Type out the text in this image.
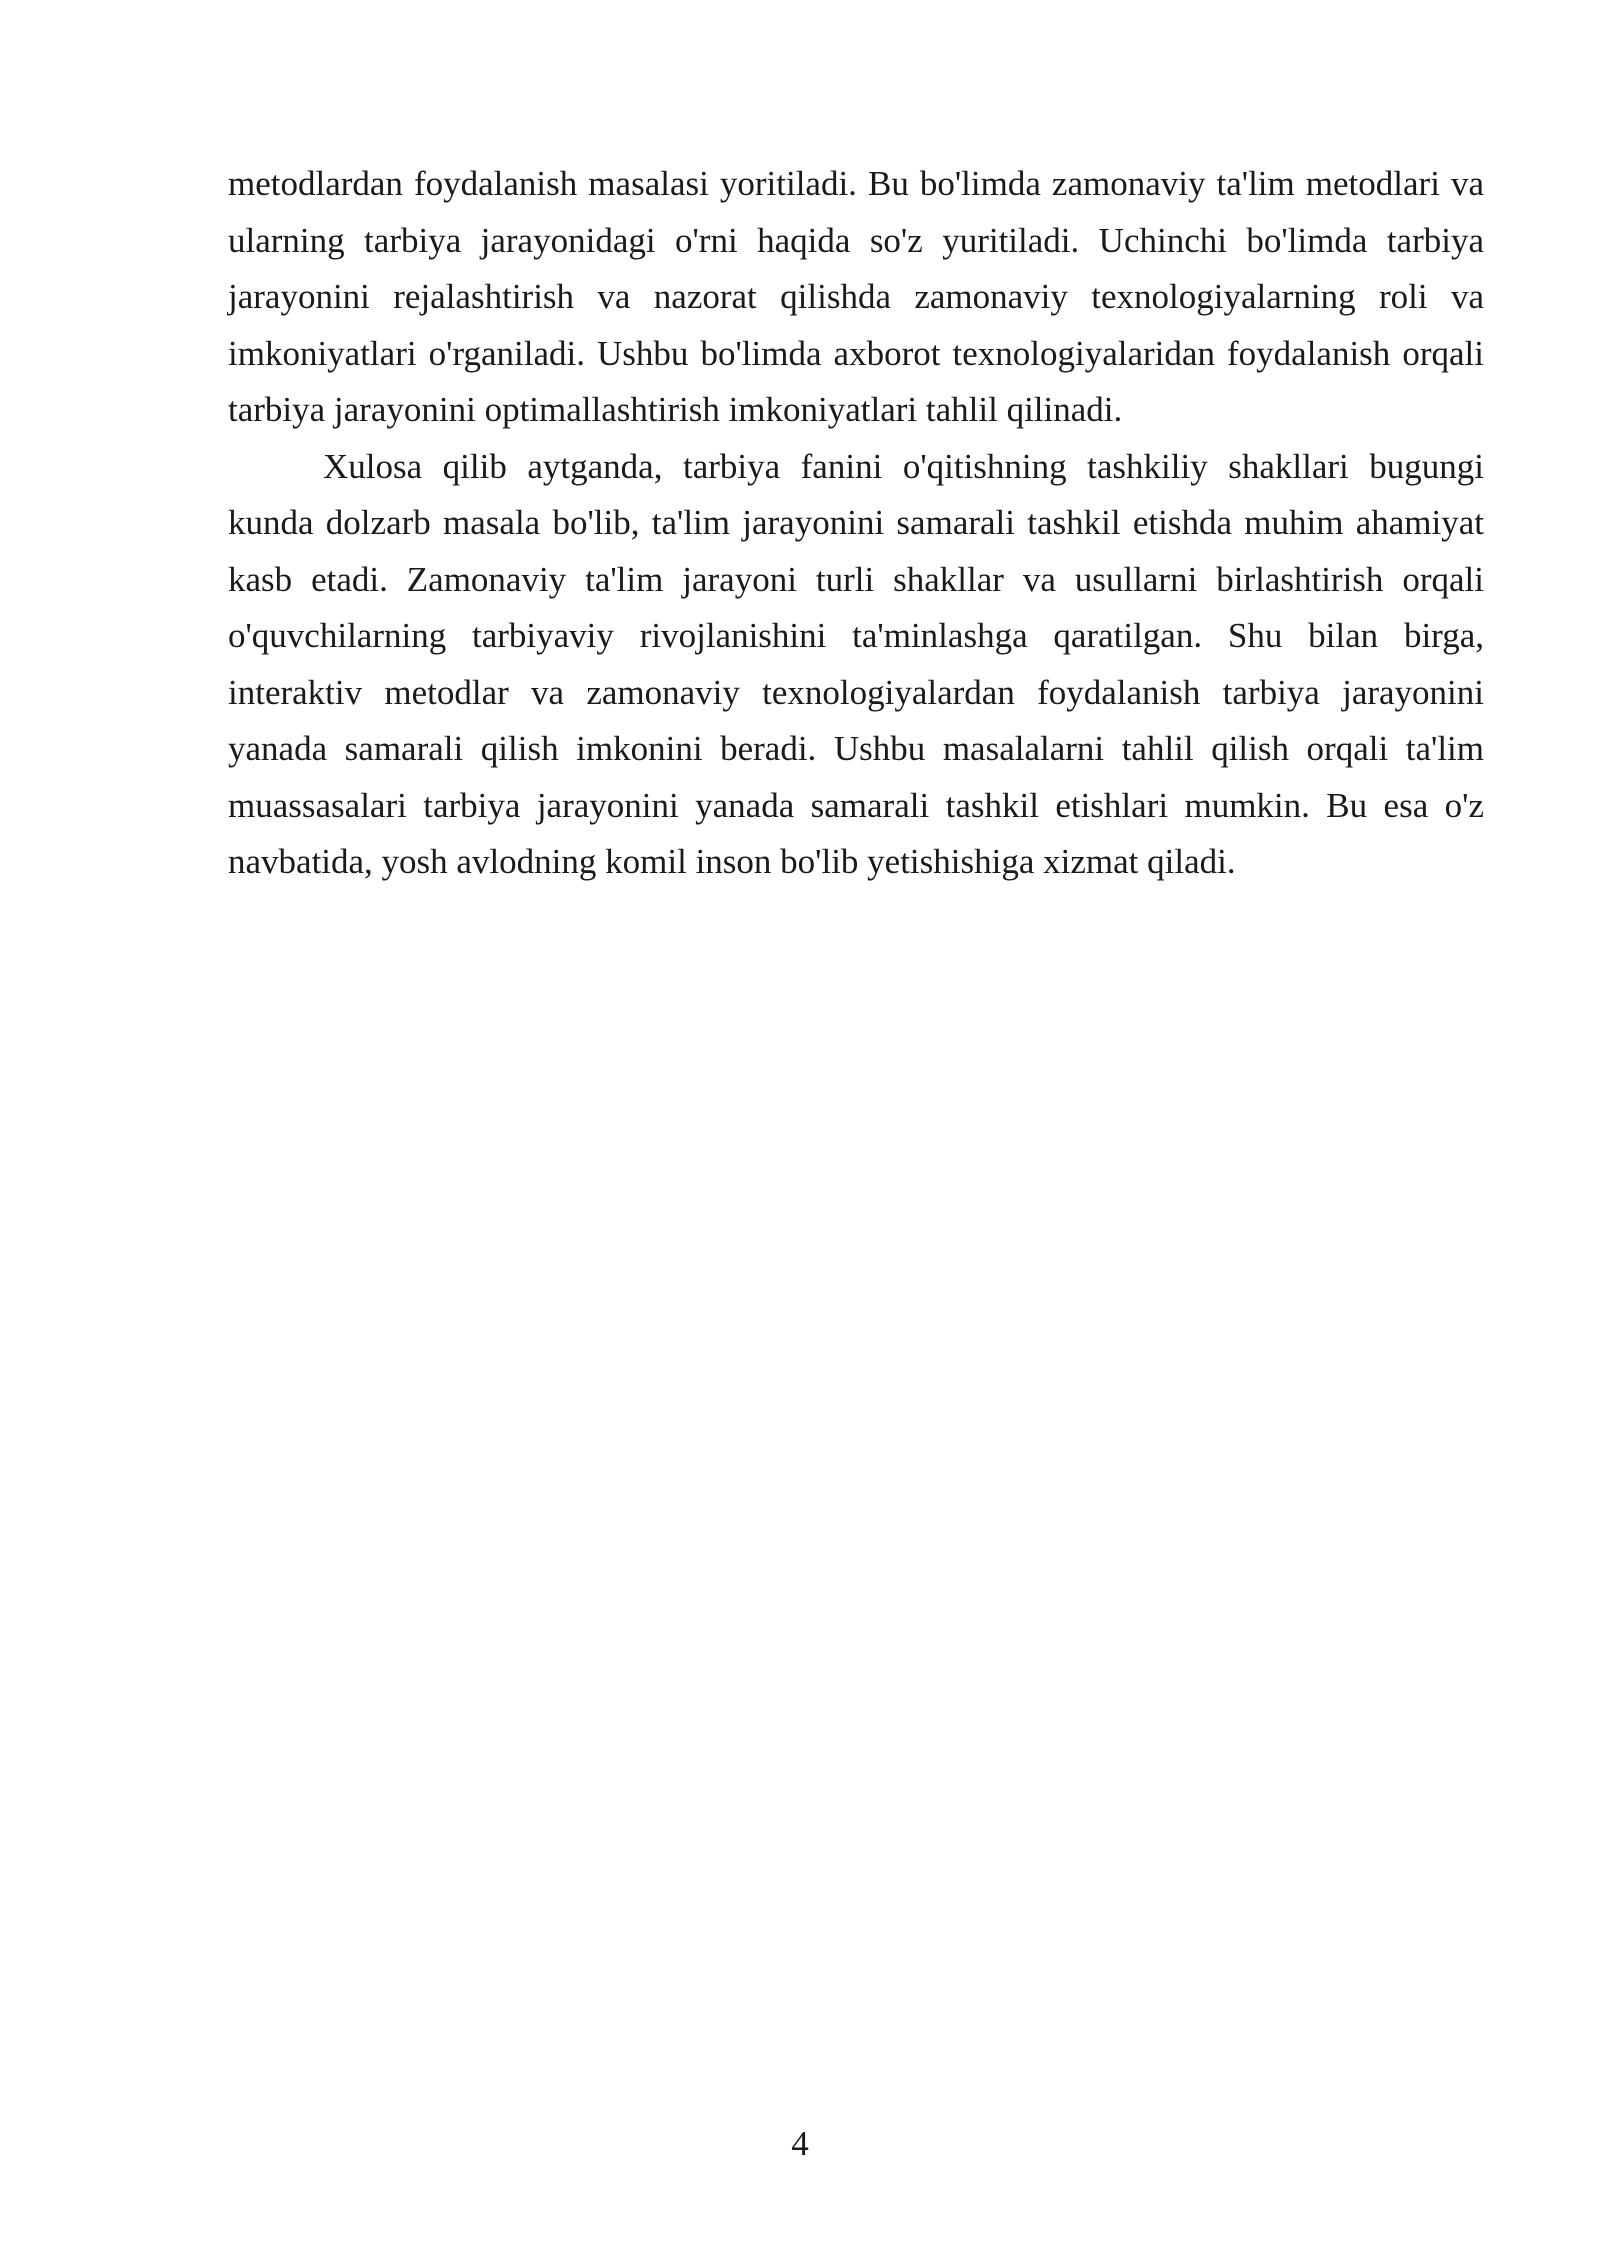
metodlardan foydalanish masalasi yoritiladi. Bu bo'limda zamonaviy ta'lim metodlari va ularning tarbiya jarayonidagi o'rni haqida so'z yuritiladi. Uchinchi bo'limda tarbiya jarayonini rejalashtirish va nazorat qilishda zamonaviy texnologiyalarning roli va imkoniyatlari o'rganiladi. Ushbu bo'limda axborot texnologiyalaridan foydalanish orqali tarbiya jarayonini optimallashtirish imkoniyatlari tahlil qilinadi.

Xulosa qilib aytganda, tarbiya fanini o'qitishning tashkiliy shakllari bugungi kunda dolzarb masala bo'lib, ta'lim jarayonini samarali tashkil etishda muhim ahamiyat kasb etadi. Zamonaviy ta'lim jarayoni turli shakllar va usullarni birlashtirish orqali o'quvchilarning tarbiyaviy rivojlanishini ta'minlashga qaratilgan. Shu bilan birga, interaktiv metodlar va zamonaviy texnologiyalardan foydalanish tarbiya jarayonini yanada samarali qilish imkonini beradi. Ushbu masalalarni tahlil qilish orqali ta'lim muassasalari tarbiya jarayonini yanada samarali tashkil etishlari mumkin. Bu esa o'z navbatida, yosh avlodning komil inson bo'lib yetishishiga xizmat qiladi.

4
